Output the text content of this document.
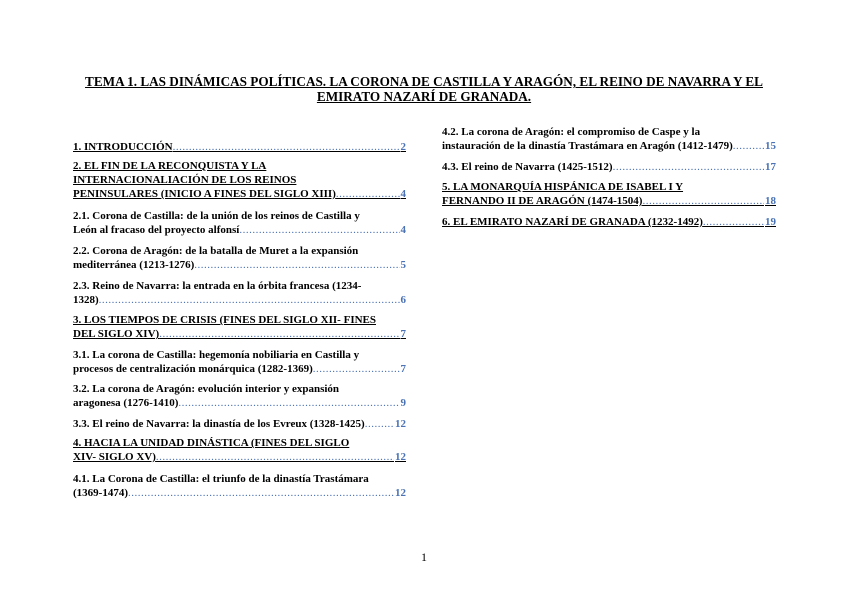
TEMA 1. LAS DINÁMICAS POLÍTICAS. LA CORONA DE CASTILLA Y ARAGÓN, EL REINO DE NAVARRA Y EL EMIRATO NAZARÍ DE GRANADA.
1. INTRODUCCIÓN .....	2
2. EL FIN DE LA RECONQUISTA Y LA
INTERNACIONALIACIÓN DE LOS REINOS
PENINSULARES (INICIO A FINES DEL SIGLO XIII) .....	4
2.1. Corona de Castilla: de la unión de los reinos de Castilla y
León al fracaso del proyecto alfonsí .....	4
2.2. Corona de Aragón: de la batalla de Muret a la expansión
mediterránea (1213-1276) .....	5
2.3. Reino de Navarra: la entrada en la órbita francesa (1234-
1328) .....	6
3. LOS TIEMPOS DE CRISIS (FINES DEL SIGLO XII- FINES
DEL SIGLO XIV) .....	7
3.1. La corona de Castilla: hegemonía nobiliaria en Castilla y
procesos de centralización monárquica (1282-1369) .....	7
3.2. La corona de Aragón: evolución interior y expansión
aragonesa (1276-1410) .....	9
3.3. El reino de Navarra: la dinastía de los Evreux (1328-1425) .....	12
4. HACIA LA UNIDAD DINÁSTICA (FINES DEL SIGLO
XIV- SIGLO XV) .....	12
4.1. La Corona de Castilla: el triunfo de la dinastía Trastámara
(1369-1474) .....	12
4.2. La corona de Aragón: el compromiso de Caspe y la
instauración de la dinastía Trastámara en Aragón (1412-1479) .....	15
4.3. El reino de Navarra (1425-1512) .....	17
5. LA MONARQUÍA HISPÁNICA DE ISABEL I Y
FERNANDO II DE ARAGÓN (1474-1504) .....	18
6. EL EMIRATO NAZARÍ DE GRANADA (1232-1492) .....	19
1
